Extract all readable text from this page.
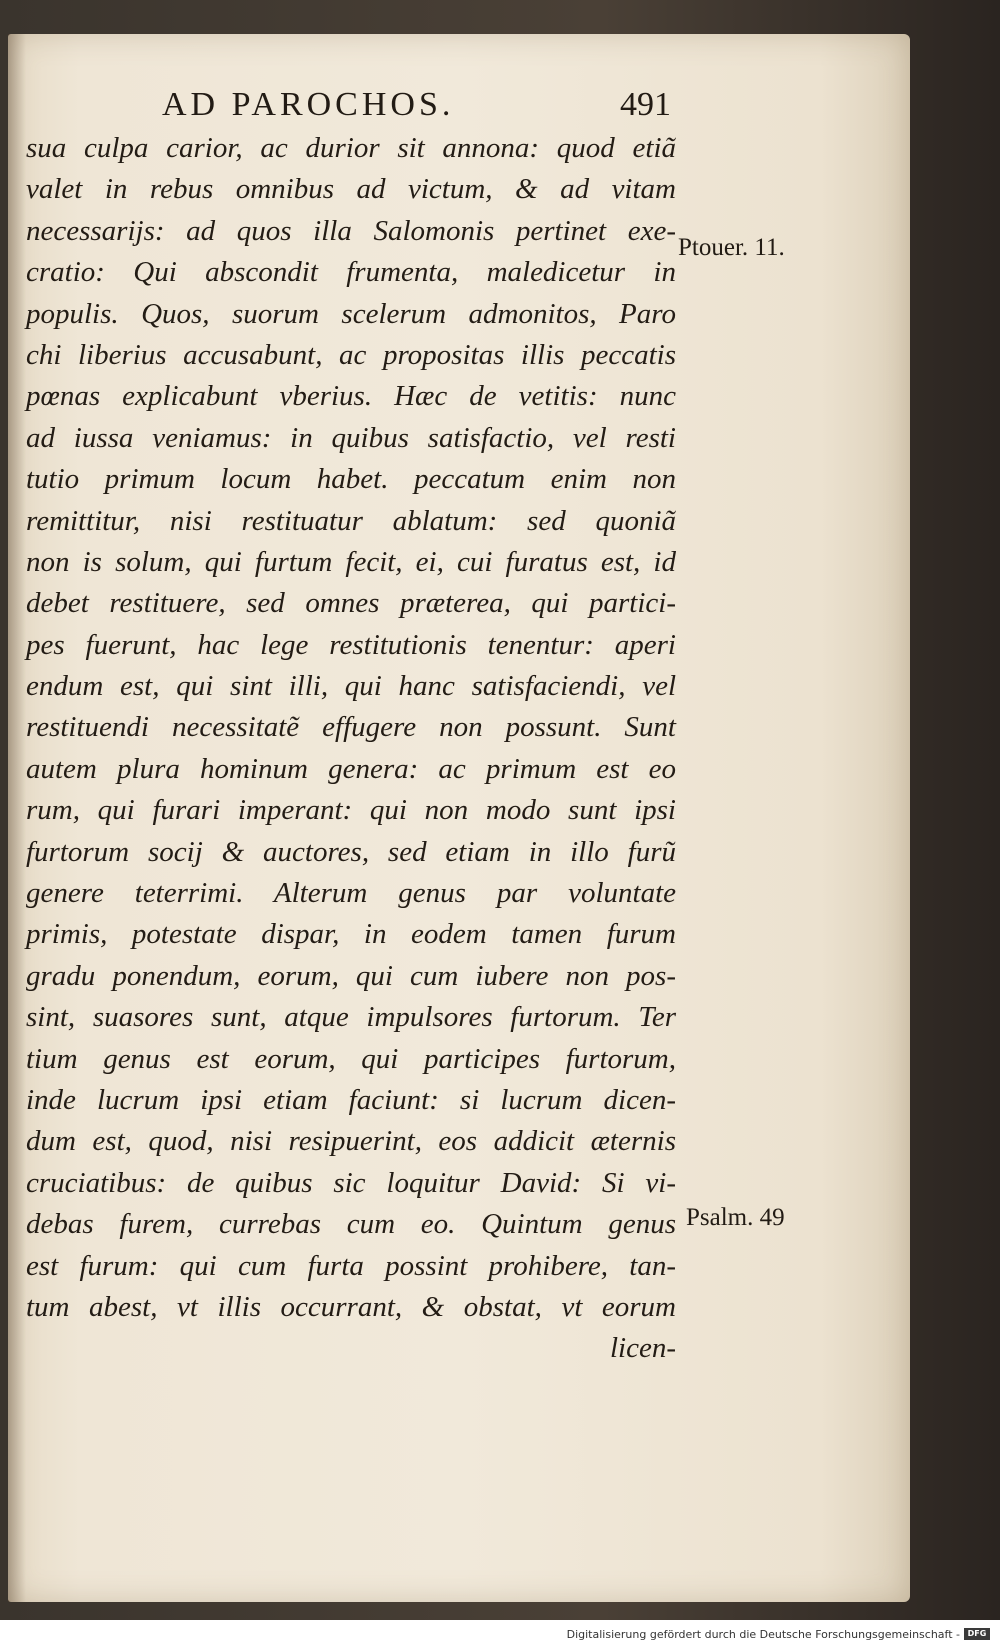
AD PAROCHOS.	491
sua culpa carior, ac durior sit annona: quod etiã
valet in rebus omnibus ad victum, & ad vitam
necessarijs: ad quos illa Salomonis pertinet exe-
cratio: Qui abscondit frumenta, maledicetur in
populis. Quos, suorum scelerum admonitos, Paro
chi liberius accusabunt, ac propositas illis peccatis
pœnas explicabunt vberius. Hæc de vetitis: nunc
ad iussa veniamus: in quibus satisfactio, vel resti
tutio primum locum habet. peccatum enim non
remittitur, nisi restituatur ablatum: sed quoniã
non is solum, qui furtum fecit, ei, cui furatus est, id
debet restituere, sed omnes præterea, qui partici-
pes fuerunt, hac lege restitutionis tenentur: aperi
endum est, qui sint illi, qui hanc satisfaciendi, vel
restituendi necessitatẽ effugere non possunt. Sunt
autem plura hominum genera: ac primum est eo
rum, qui furari imperant: qui non modo sunt ipsi
furtorum socij & auctores, sed etiam in illo furũ
genere teterrimi. Alterum genus par voluntate
primis, potestate dispar, in eodem tamen furum
gradu ponendum, eorum, qui cum iubere non pos-
sint, suasores sunt, atque impulsores furtorum. Ter
tium genus est eorum, qui participes furtorum,
inde lucrum ipsi etiam faciunt: si lucrum dicen-
dum est, quod, nisi resipuerint, eos addicit æternis
cruciatibus: de quibus sic loquitur David: Si vi-
debas furem, currebas cum eo. Quintum genus
est furum: qui cum furta possint prohibere, tan-
tum abest, vt illis occurrant, & obstat, vt eorum
licen-
Ptouer. 11.
Psalm. 49
Digitalisierung gefördert durch die Deutsche Forschungsgemeinschaft - DFG
